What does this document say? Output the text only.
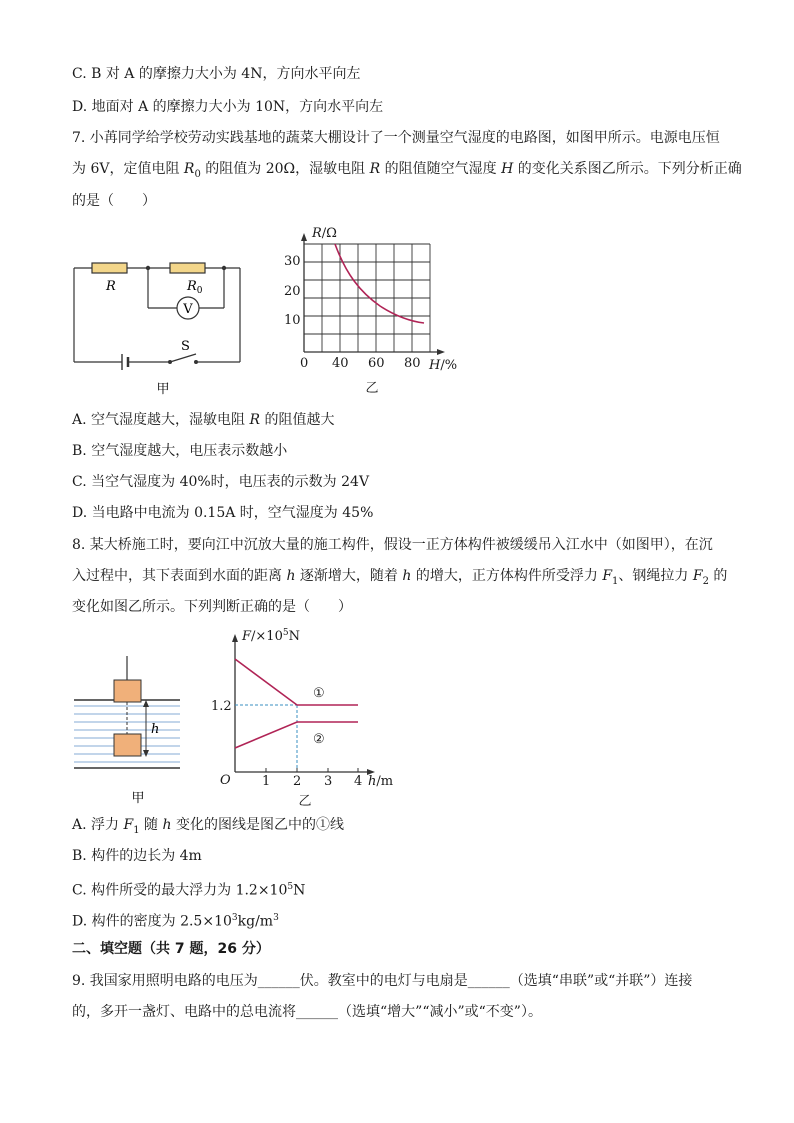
C. B 对 A 的摩擦力大小为 4N，方向水平向左
D. 地面对 A 的摩擦力大小为 10N，方向水平向左
7. 小苒同学给学校劳动实践基地的蔬菜大棚设计了一个测量空气湿度的电路图，如图甲所示。电源电压恒
为 6V，定值电阻 $R_0$ 的阻值为 20Ω，湿敏电阻 R 的阻值随空气湿度 H 的变化关系图乙所示。下列分析正确
的是（　　）
V
R	$R_0$
S
甲
R/Ω
30
20
10
0 40 60 80 H/%
乙
A. 空气湿度越大，湿敏电阻 R 的阻值越大
B. 空气湿度越大，电压表示数越小
C. 当空气湿度为 40%时，电压表的示数为 24V
D. 当电路中电流为 0.15A 时，空气湿度为 45%
8. 某大桥施工时，要向江中沉放大量的施工构件，假设一正方体构件被缓缓吊入江水中（如图甲），在沉
入过程中，其下表面到水面的距离 h 逐渐增大，随着 h 的增大，正方体构件所受浮力 $F_1$、钢绳拉力 $F_2$ 的
变化如图乙所示。下列判断正确的是（　　）
h
甲
$F/\times 10^5N$
1.2
O 1 2 3 4 h/m
①
②
乙
A. 浮力 $F_1$ 随 h 变化的图线是图乙中的①线
B. 构件的边长为 4m
C. 构件所受的最大浮力为 $1.2\times 10^5N$
D. 构件的密度为 $2.5\times 10^3kg/m^3$
二、填空题（共 7 题，26 分）
9. 我国家用照明电路的电压为______伏。教室中的电灯与电扇是______（选填“串联”或“并联”）连接
的，多开一盏灯、电路中的总电流将______（选填“增大”“减小”或“不变”）。
